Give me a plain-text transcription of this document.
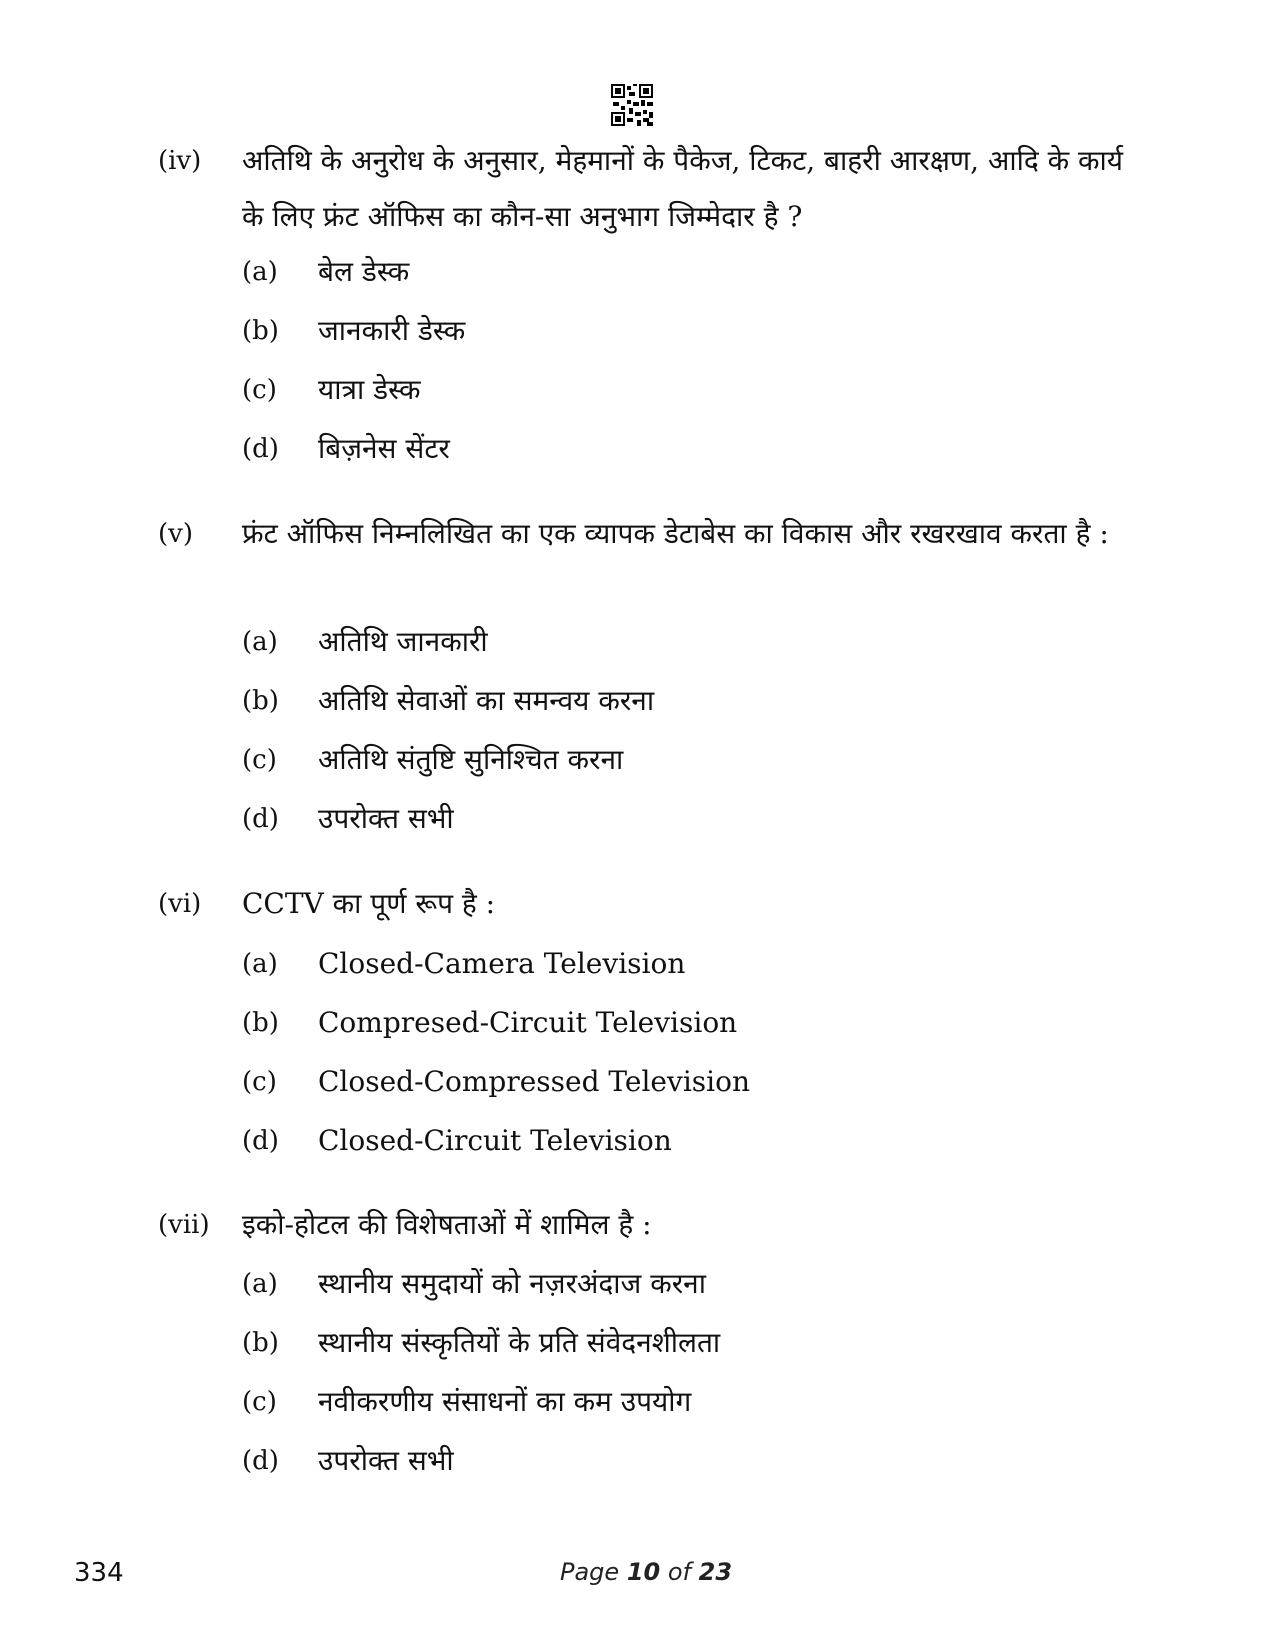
(iv) अतिथि के अनुरोध के अनुसार, मेहमानों के पैकेज, टिकट, बाहरी आरक्षण, आदि के कार्य के लिए फ्रंट ऑफिस का कौन-सा अनुभाग जिम्मेदार है ?
(a) बेल डेस्क
(b) जानकारी डेस्क
(c) यात्रा डेस्क
(d) बिज़नेस सेंटर
(v) फ्रंट ऑफिस निम्नलिखित का एक व्यापक डेटाबेस का विकास और रखरखाव करता है :
(a) अतिथि जानकारी
(b) अतिथि सेवाओं का समन्वय करना
(c) अतिथि संतुष्टि सुनिश्चित करना
(d) उपरोक्त सभी
(vi) CCTV का पूर्ण रूप है :
(a) Closed-Camera Television
(b) Compresed-Circuit Television
(c) Closed-Compressed Television
(d) Closed-Circuit Television
(vii) इको-होटल की विशेषताओं में शामिल है :
(a) स्थानीय समुदायों को नज़रअंदाज करना
(b) स्थानीय संस्कृतियों के प्रति संवेदनशीलता
(c) नवीकरणीय संसाधनों का कम उपयोग
(d) उपरोक्त सभी
334	Page 10 of 23
